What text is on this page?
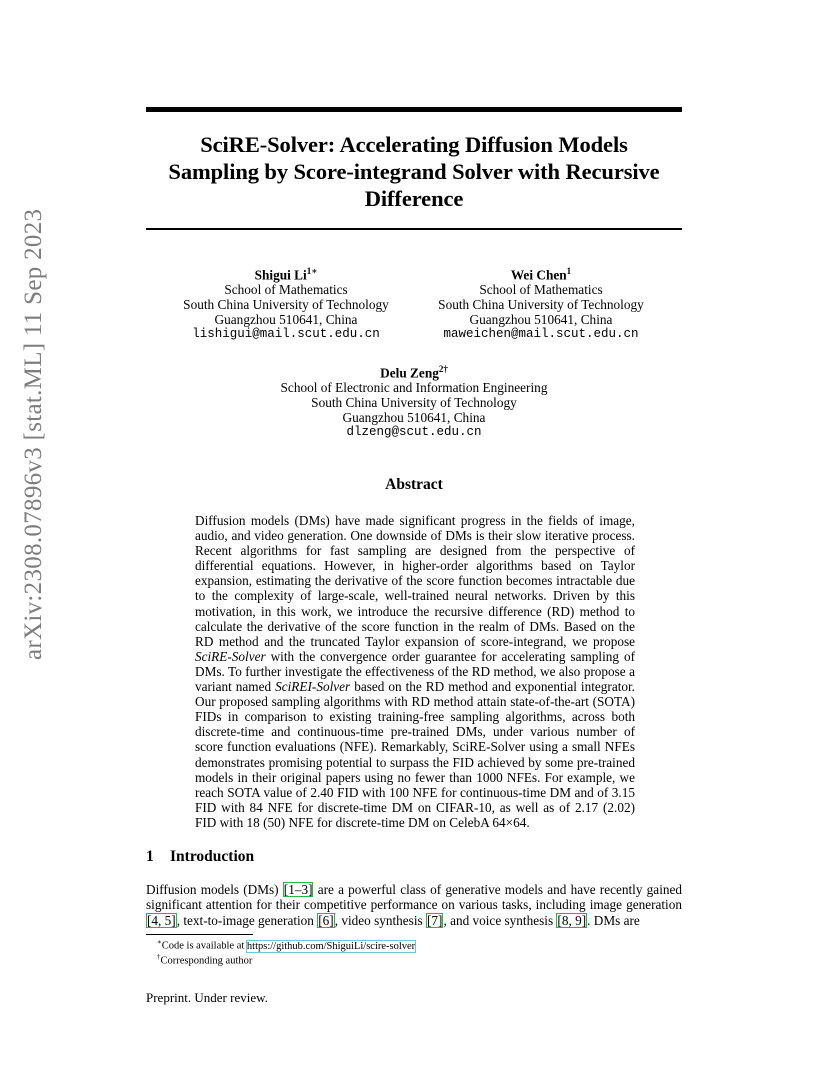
arXiv:2308.07896v3 [stat.ML] 11 Sep 2023
SciRE-Solver: Accelerating Diffusion Models
Sampling by Score-integrand Solver with Recursive
Difference
Shigui $Li^{1∗}$
School of Mathematics
South China University of Technology
Guangzhou 510641, China
lishigui@mail.scut.edu.cn
Wei Chen$^1$
School of Mathematics
South China University of Technology
Guangzhou 510641, China
maweichen@mail.scut.edu.cn
Delu Zeng$^{2\dagger}$
School of Electronic and Information Engineering
South China University of Technology
Guangzhou 510641, China
dlzeng@scut.edu.cn
Abstract
Diffusion models (DMs) have made significant progress in the fields of image, audio, and video generation. One downside of DMs is their slow iterative process. Recent algorithms for fast sampling are designed from the perspective of differential equations. However, in higher-order algorithms based on Taylor expansion, estimating the derivative of the score function becomes intractable due to the complexity of large-scale, well-trained neural networks. Driven by this motivation, in this work, we introduce the recursive difference (RD) method to calculate the derivative of the score function in the realm of DMs. Based on the RD method and the truncated Taylor expansion of score-integrand, we propose SciRE-Solver with the convergence order guarantee for accelerating sampling of DMs. To further investigate the effectiveness of the RD method, we also propose a variant named SciREI-Solver based on the RD method and exponential integrator. Our proposed sampling algorithms with RD method attain state-of-the-art (SOTA) FIDs in comparison to existing training-free sampling algorithms, across both discrete-time and continuous-time pre-trained DMs, under various number of score function evaluations (NFE). Remarkably, SciRE-Solver using a small NFEs demonstrates promising potential to surpass the FID achieved by some pre-trained models in their original papers using no fewer than 1000 NFEs. For example, we reach SOTA value of 2.40 FID with 100 NFE for continuous-time DM and of 3.15 FID with 84 NFE for discrete-time DM on CIFAR-10, as well as of 2.17 (2.02) FID with 18 (50) NFE for discrete-time DM on CelebA 64×64.
1 Introduction
Diffusion models (DMs) [1–3] are a powerful class of generative models and have recently gained significant attention for their competitive performance on various tasks, including image generation [4, 5], text-to-image generation [6], video synthesis [7], and voice synthesis [8, 9]. DMs are
∗Code is available at https://github.com/ShiguiLi/scire-solver
†Corresponding author
Preprint. Under review.
